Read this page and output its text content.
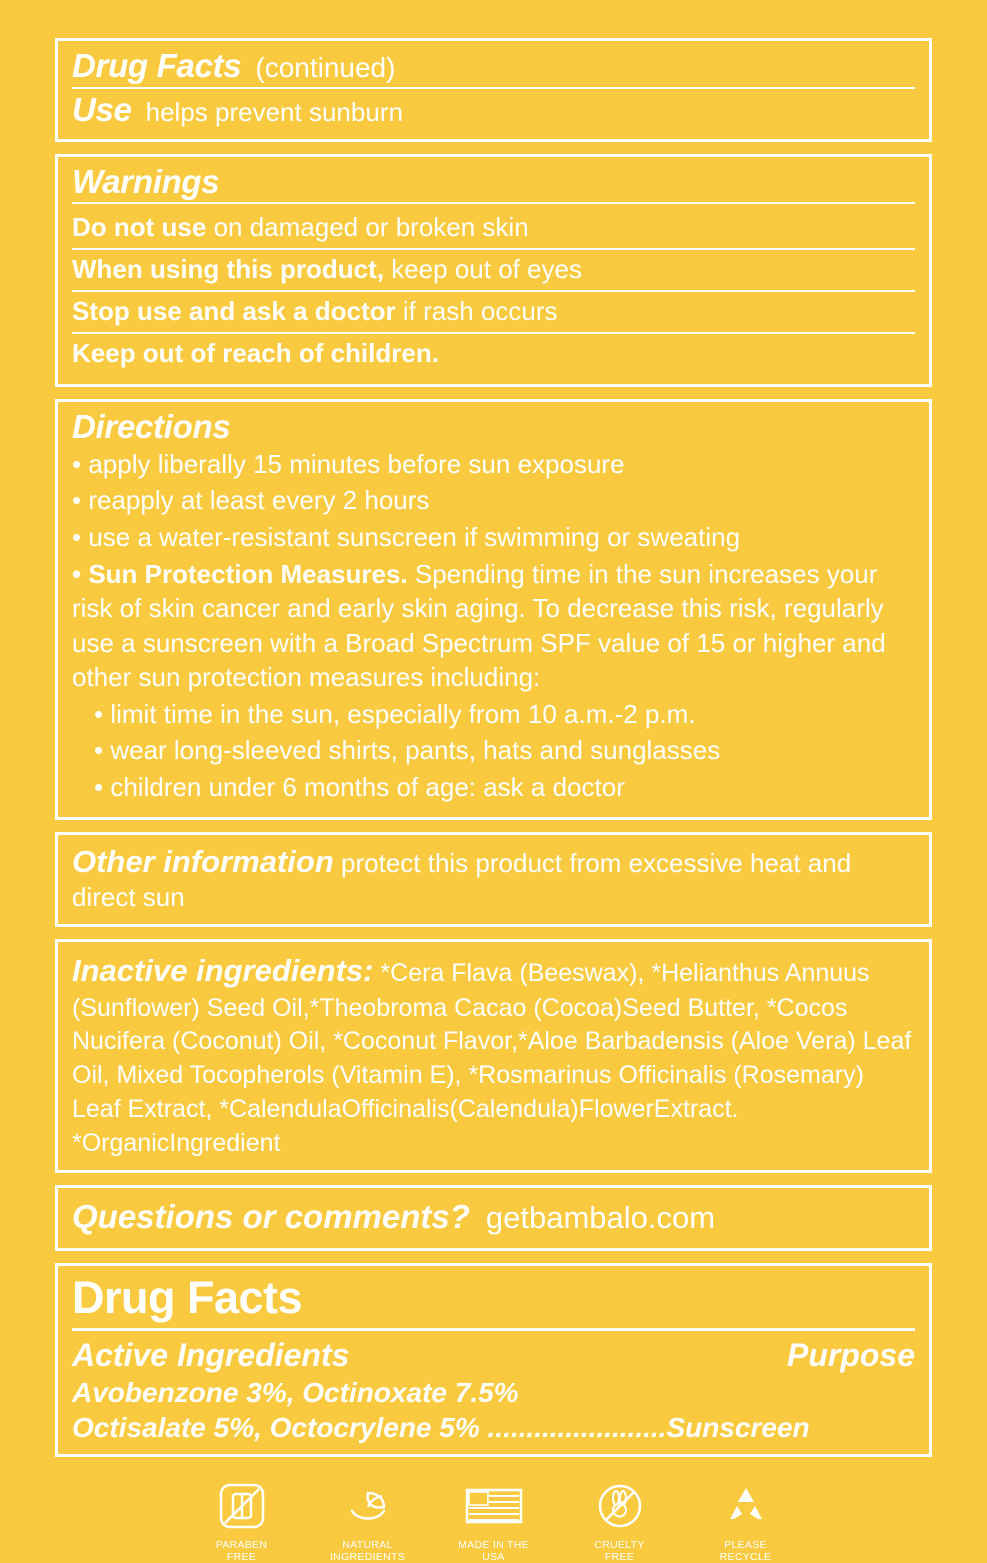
Drug Facts (continued)
Use helps prevent sunburn
Warnings
Do not use on damaged or broken skin
When using this product, keep out of eyes
Stop use and ask a doctor if rash occurs
Keep out of reach of children.
Directions
• apply liberally 15 minutes before sun exposure
• reapply at least every 2 hours
• use a water-resistant sunscreen if swimming or sweating
• Sun Protection Measures. Spending time in the sun increases your risk of skin cancer and early skin aging. To decrease this risk, regularly use a sunscreen with a Broad Spectrum SPF value of 15 or higher and other sun protection measures including:
• limit time in the sun, especially from 10 a.m.-2 p.m.
• wear long-sleeved shirts, pants, hats and sunglasses
• children under 6 months of age: ask a doctor
Other information protect this product from excessive heat and direct sun
Inactive ingredients: *Cera Flava (Beeswax), *Helianthus Annuus (Sunflower) Seed Oil,*Theobroma Cacao (Cocoa)Seed Butter, *Cocos Nucifera (Coconut) Oil, *Coconut Flavor,*Aloe Barbadensis (Aloe Vera) Leaf Oil, Mixed Tocopherols (Vitamin E), *Rosmarinus Officinalis (Rosemary) Leaf Extract, *CalendulaOfficinalis(Calendula)FlowerExtract. *OrganicIngredient
Questions or comments? getbambalo.com
Drug Facts
Active Ingredients	Purpose
Avobenzone 3%, Octinoxate 7.5%
Octisalate 5%, Octocrylene 5% .......................Sunscreen
PARABEN
FREE
NATURAL
INGREDIENTS
MADE IN THE
USA
CRUELTY
FREE
PLEASE
RECYCLE
